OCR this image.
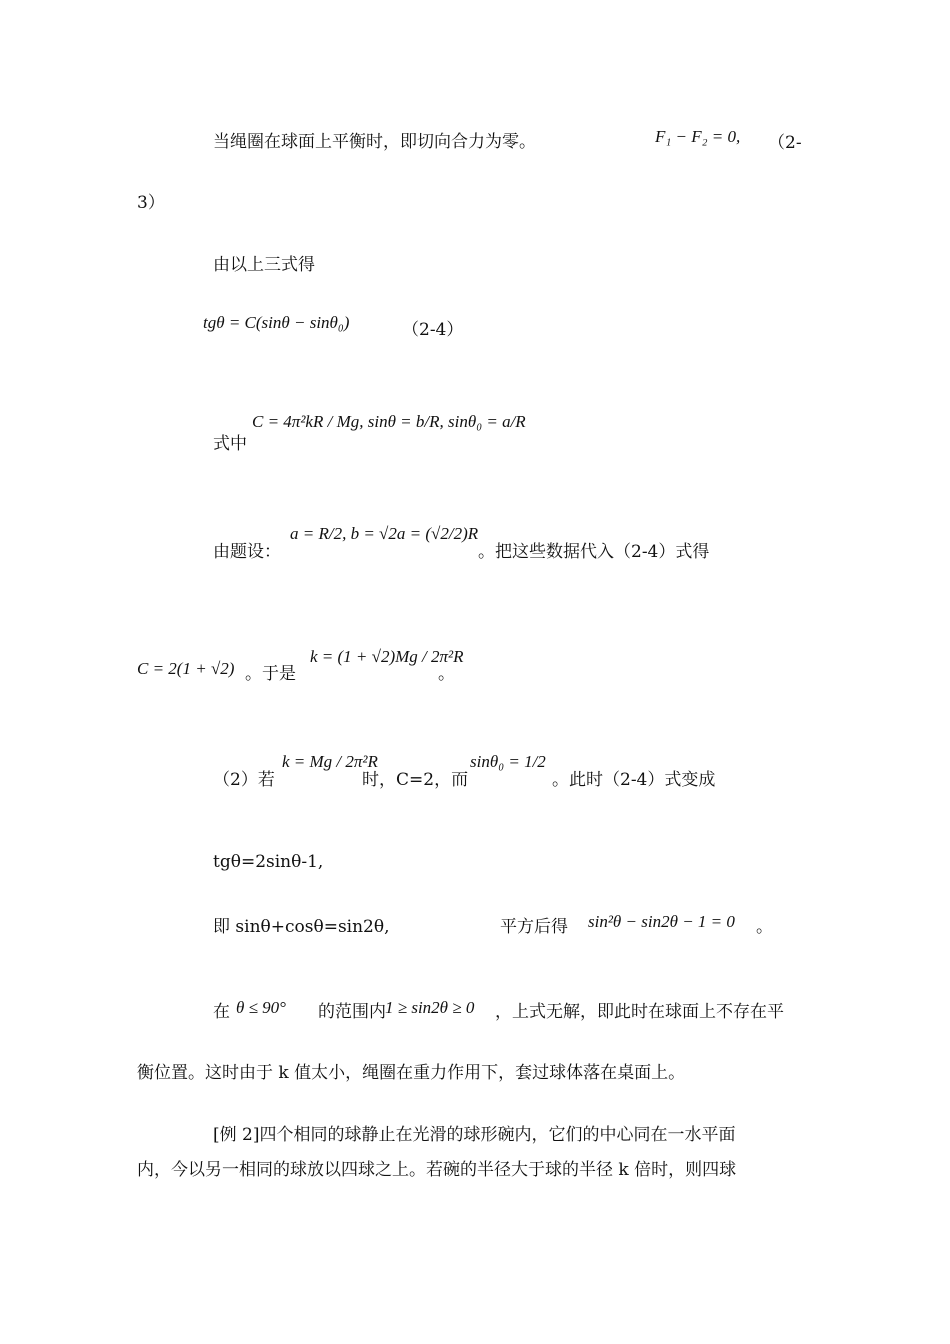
当绳圈在球面上平衡时，即切向合力为零。	F₁ − F₂ = 0, （2-
3）
由以上三式得
tgθ = C(sinθ − sinθ₀)	（2-4）
式中
C = 4π²kR / Mg, sinθ = b/R, sinθ₀ = a/R
由题设：
a = R/2, b = √2a = (√2/2)R
。把这些数据代入（2-4）式得
C = 2(1 + √2) 。于是
k = (1 + √2)Mg / 2π²R
。
（2）若
k = Mg / 2π²R
时，C=2，而
sinθ₀ = 1/2
。此时（2-4）式变成
tgθ=2sinθ-1,
即 sinθ+cosθ=sin2θ,	平方后得 sin²θ − sin2θ − 1 = 0 。
在 θ ≤ 90° 的范围内 1 ≥ sin2θ ≥ 0 ，上式无解，即此时在球面上不存在平
衡位置。这时由于 k 值太小，绳圈在重力作用下，套过球体落在桌面上。
[例 2]四个相同的球静止在光滑的球形碗内，它们的中心同在一水平面
内，今以另一相同的球放以四球之上。若碗的半径大于球的半径 k 倍时，则四球
